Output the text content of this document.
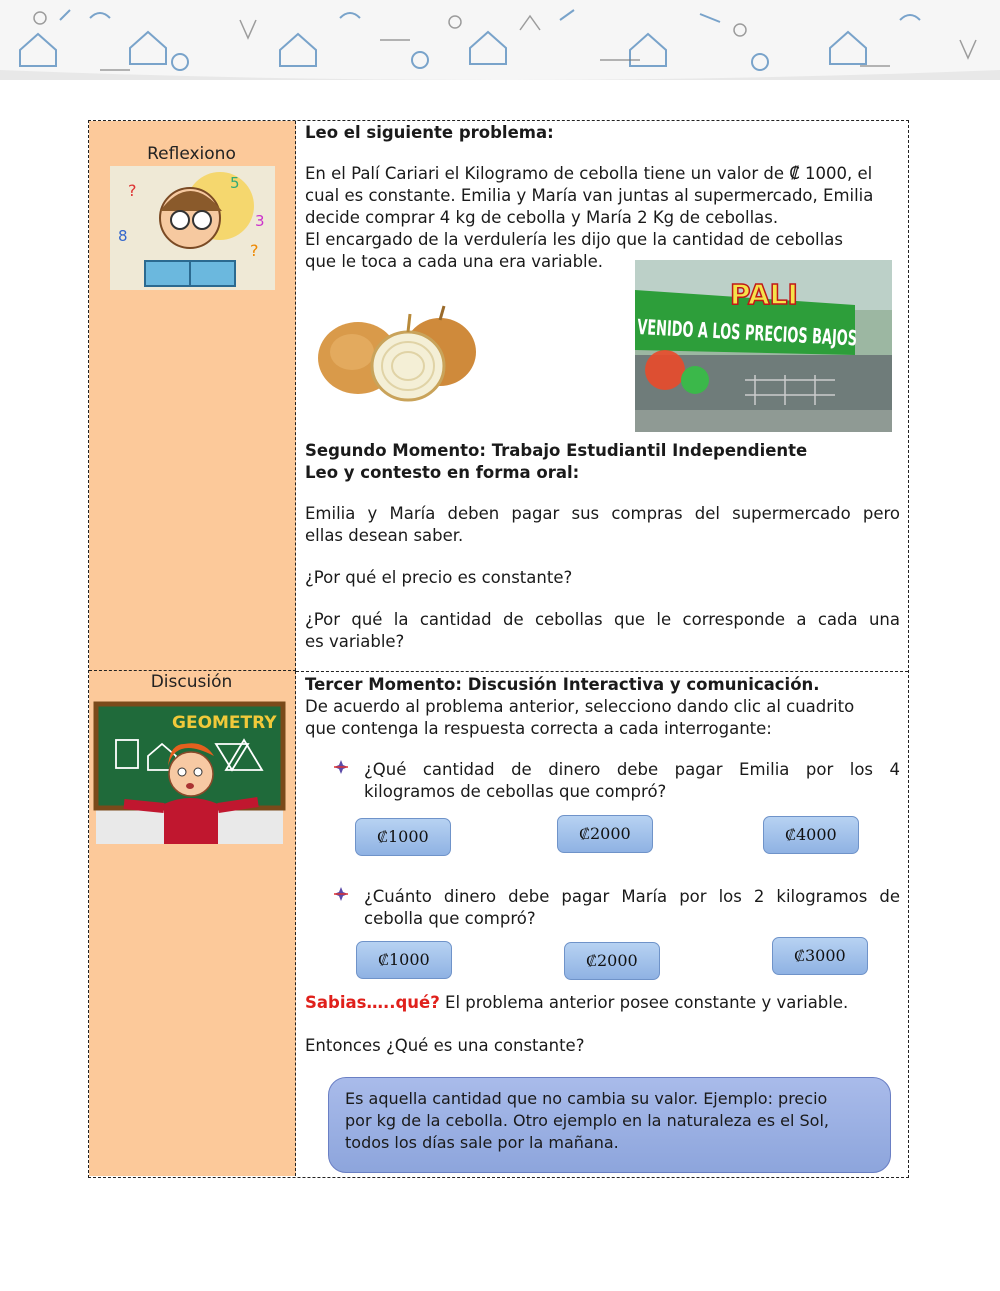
Reflexiono
?	5
3
8
?
Discusión
GEOMETRY
Leo el siguiente problema:
En el Palí Cariari el Kilogramo de cebolla tiene un valor de ₡ 1000, el
cual es constante. Emilia y María van juntas al supermercado, Emilia
decide comprar 4 kg de cebolla y María 2 Kg de cebollas.
El encargado de la verdulería les dijo que la cantidad de cebollas
que le toca a cada una era variable.
PALI
VENIDO A LOS PRECIOS BAJOS
Segundo Momento: Trabajo Estudiantil Independiente
Leo y contesto en forma oral:
Emilia y María deben pagar sus compras del supermercado pero
ellas desean saber.
¿Por qué el precio es constante?
¿Por qué la cantidad de cebollas que le corresponde a cada una
es variable?
Tercer Momento: Discusión Interactiva y comunicación.
De acuerdo al problema anterior, selecciono dando clic al cuadrito
que contenga la respuesta correcta a cada interrogante:
¿Qué cantidad de dinero debe pagar Emilia por los 4
kilogramos de cebollas que compró?
₡1000	₡2000	₡4000
¿Cuánto dinero debe pagar María por los 2 kilogramos de
cebolla que compró?
₡1000	₡2000	₡3000
Sabias…..qué? El problema anterior posee constante y variable.
Entonces ¿Qué es una constante?
Es aquella cantidad que no cambia su valor. Ejemplo: precio
por kg de la cebolla. Otro ejemplo en la naturaleza es el Sol,
todos los días sale por la mañana.
